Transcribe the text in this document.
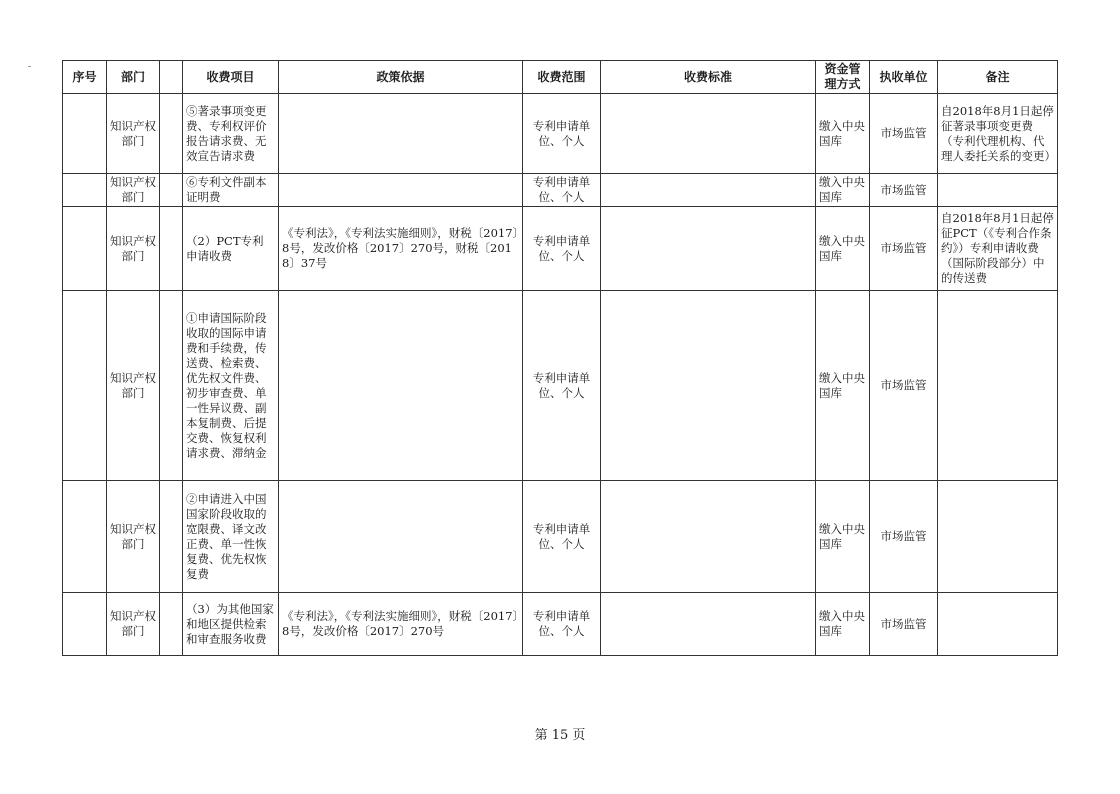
序号	部门		收费项目	政策依据	收费范围	收费标准	资金管理方式	执收单位	备注
	知识产权部门		⑤著录事项变更费、专利权评价报告请求费、无效宣告请求费		专利申请单位、个人		缴入中央国库	市场监管	自2018年8月1日起停征著录事项变更费（专利代理机构、代理人委托关系的变更）
	知识产权部门		⑥专利文件副本证明费		专利申请单位、个人		缴入中央国库	市场监管	
	知识产权部门		（2）PCT专利申请收费	《专利法》，《专利法实施细则》，财税〔2017〕8号，发改价格〔2017〕270号，财税〔2018〕37号	专利申请单位、个人		缴入中央国库	市场监管	自2018年8月1日起停征PCT（《专利合作条约》）专利申请收费（国际阶段部分）中的传送费
	知识产权部门		①申请国际阶段收取的国际申请费和手续费，传送费、检索费、优先权文件费、初步审查费、单一性异议费、副本复制费、后提交费、恢复权利请求费、滞纳金		专利申请单位、个人		缴入中央国库	市场监管	
	知识产权部门		②申请进入中国国家阶段收取的宽限费、译文改正费、单一性恢复费、优先权恢复费		专利申请单位、个人		缴入中央国库	市场监管	
	知识产权部门		（3）为其他国家和地区提供检索和审查服务收费	《专利法》，《专利法实施细则》，财税〔2017〕8号，发改价格〔2017〕270号	专利申请单位、个人		缴入中央国库	市场监管	
第 15 页
